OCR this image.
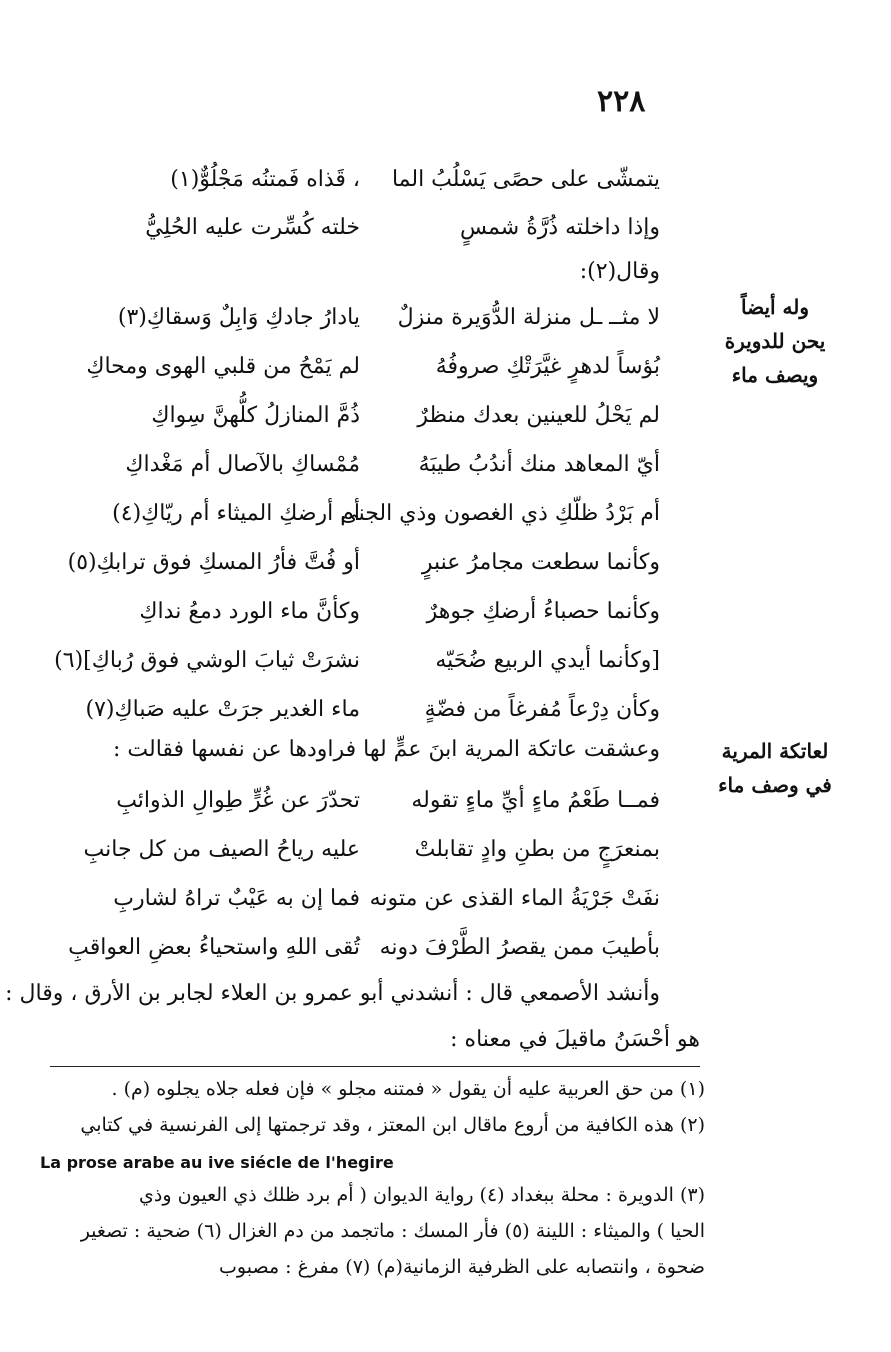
٢٢٨
يتمشّى على حصًى يَسْلُبُ الما
، قَذاه فَمتنُه مَجْلُوٌّ(١)
وإذا داخلته ذُرَّةُ شمسٍ
خلته كُسِّرت عليه الحُلِيُّ
وقال(٢):
وله أيضاً
يحن للدويرة
ويصف ماء
لا مثــ ـل منزلة الدُّوَيرة منزلٌ
يادارُ جادكِ وَابِلٌ وَسقاكِ(٣)
بُؤساً لدهرٍ غيَّرَتْكِ صروفُهُ
لم يَمْحُ من قلبي الهوى ومحاكِ
لم يَحْلُ للعينين بعدك منظرٌ
ذُمَّ المنازلُ كلُّهنَّ سِواكِ
أيّ المعاهد منك أندُبُ طيبَهُ
مُمْساكِ بالآصال أم مَغْداكِ
أم بَرْدُ ظلّكِ ذي الغصون وذي الجنى
أم أرضكِ الميثاء أم ريّاكِ(٤)
وكأنما سطعت مجامرُ عنبرٍ
أو فُتَّ فأرُ المسكِ فوق ترابكِ(٥)
وكأنما حصباءُ أرضكِ جوهرٌ
وكأنَّ ماء الورد دمعُ نداكِ
[وكأنما أيدي الربيع ضُحَيّه
نشرَتْ ثيابَ الوشي فوق رُباكِ](٦)
وكأن دِرْعاً مُفرغاً من فضّةٍ
ماء الغدير جرَتْ عليه صَباكِ(٧)
لعاتكة المرية
في وصف ماء
وعشقت عاتكة المرية ابنَ عمٍّ لها فراودها عن نفسها فقالت :
فمــا طَعْمُ ماءٍ أيِّ ماءٍ تقوله
تحدّرَ عن غُرٍّ طِوالِ الذوائبِ
بمنعرَجٍ من بطنِ وادٍ تقابلتْ
عليه رياحُ الصيف من كل جانبِ
نفَتْ جَرْيَةُ الماء القذى عن متونه
فما إن به عَيْبٌ تراهُ لشاربِ
بأطيبَ ممن يقصرُ الطَّرْفَ دونه
تُقى اللهِ واستحياءُ بعضِ العواقبِ
وأنشد الأصمعي قال : أنشدني أبو عمرو بن العلاء لجابر بن الأرق ، وقال :
هو أحْسَنُ ماقيلَ في معناه :
(١) من حق العربية عليه أن يقول « فمتنه مجلو » فإن فعله جلاه يجلوه (م) .
(٢) هذه الكافية من أروع ماقال ابن المعتز ، وقد ترجمتها إلى الفرنسية في كتابي
La prose arabe au ive siécle de l'hegire
(٣) الدويرة : محلة ببغداد (٤) رواية الديوان ( أم برد ظلك ذي العيون وذي
الحيا ) والميثاء : اللينة (٥) فأر المسك : ماتجمد من دم الغزال (٦) ضحية : تصغير
ضحوة ، وانتصابه على الظرفية الزمانية(م) (٧) مفرغ : مصبوب
